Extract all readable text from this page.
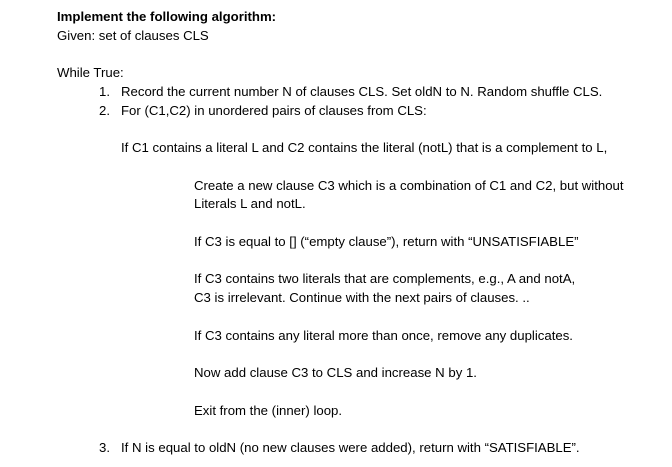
Implement the following algorithm:
Given: set of clauses CLS
While True:
1. Record the current number N of clauses CLS. Set oldN to N. Random shuffle CLS.
2. For (C1,C2) in unordered pairs of clauses from CLS:
If C1 contains a literal L and C2 contains the literal (notL) that is a complement to L,
Create a new clause C3 which is a combination of C1 and C2, but without
Literals L and notL.
If C3 is equal to [] (“empty clause”), return with “UNSATISFIABLE”
If C3 contains two literals that are complements, e.g., A and notA,
C3 is irrelevant. Continue with the next pairs of clauses. ..
If C3 contains any literal more than once, remove any duplicates.
Now add clause C3 to CLS and increase N by 1.
Exit from the (inner) loop.
3. If N is equal to oldN (no new clauses were added), return with “SATISFIABLE”.
